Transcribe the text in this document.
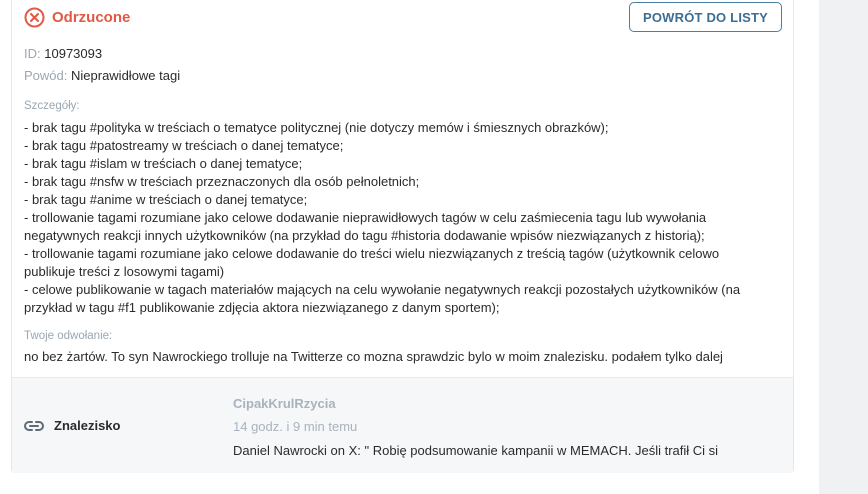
Odrzucone	POWRÓT DO LISTY
ID: 10973093
Powód: Nieprawidłowe tagi
Szczegóły:
- brak tagu #polityka w treściach o tematyce politycznej (nie dotyczy memów i śmiesznych obrazków);
- brak tagu #patostreamy w treściach o danej tematyce;
- brak tagu #islam w treściach o danej tematyce;
- brak tagu #nsfw w treściach przeznaczonych dla osób pełnoletnich;
- brak tagu #anime w treściach o danej tematyce;
- trollowanie tagami rozumiane jako celowe dodawanie nieprawidłowych tagów w celu zaśmiecenia tagu lub wywołania
negatywnych reakcji innych użytkowników (na przykład do tagu #historia dodawanie wpisów niezwiązanych z historią);
- trollowanie tagami rozumiane jako celowe dodawanie do treści wielu niezwiązanych z treścią tagów (użytkownik celowo
publikuje treści z losowymi tagami)
- celowe publikowanie w tagach materiałów mających na celu wywołanie negatywnych reakcji pozostałych użytkowników (na
przykład w tagu #f1 publikowanie zdjęcia aktora niezwiązanego z danym sportem);
Twoje odwołanie:
no bez żartów. To syn Nawrockiego trolluje na Twitterze co mozna sprawdzic bylo w moim znalezisku. podałem tylko dalej
Znalezisko
CipakKrulRzycia
14 godz. i 9 min temu
Daniel Nawrocki on X: " Robię podsumowanie kampanii w MEMACH. Jeśli trafił Ci si
